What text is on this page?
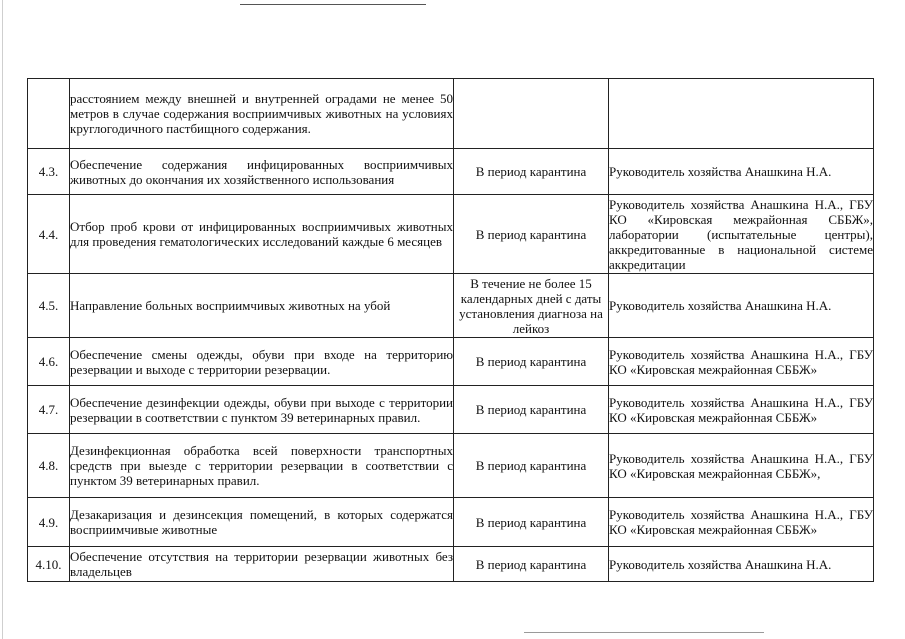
	расстоянием между внешней и внутренней оградами не менее 50 метров в случае содержания восприимчивых животных на условиях круглогодичного пастбищного содержания.		

4.3.	Обеспечение содержания инфицированных восприимчивых животных до окончания их хозяйственного использования	В период карантина	Руководитель хозяйства Анашкина Н.А.

4.4.	Отбор проб крови от инфицированных восприимчивых животных для проведения гематологических исследований каждые 6 месяцев	В период карантина	Руководитель хозяйства Анашкина Н.А., ГБУ КО «Кировская межрайонная СББЖ», лаборатории (испытательные центры), аккредитованные в национальной системе аккредитации

4.5.	Направление больных восприимчивых животных на убой	В течение не более 15 календарных дней с даты установления диагноза на лейкоз	Руководитель хозяйства Анашкина Н.А.

4.6.	Обеспечение смены одежды, обуви при входе на территорию резервации и выходе с территории резервации.	В период карантина	Руководитель хозяйства Анашкина Н.А., ГБУ КО «Кировская межрайонная СББЖ»

4.7.	Обеспечение дезинфекции одежды, обуви при выходе с территории резервации в соответствии с пунктом 39 ветеринарных правил.	В период карантина	Руководитель хозяйства Анашкина Н.А., ГБУ КО «Кировская межрайонная СББЖ»

4.8.	Дезинфекционная обработка всей поверхности транспортных средств при выезде с территории резервации в соответствии с пунктом 39 ветеринарных правил.	В период карантина	Руководитель хозяйства Анашкина Н.А., ГБУ КО «Кировская межрайонная СББЖ»,

4.9.	Дезакаризация и дезинсекция помещений, в которых содержатся восприимчивые животные	В период карантина	Руководитель хозяйства Анашкина Н.А., ГБУ КО «Кировская межрайонная СББЖ»

4.10.	Обеспечение отсутствия на территории резервации животных без владельцев	В период карантина	Руководитель хозяйства Анашкина Н.А.
